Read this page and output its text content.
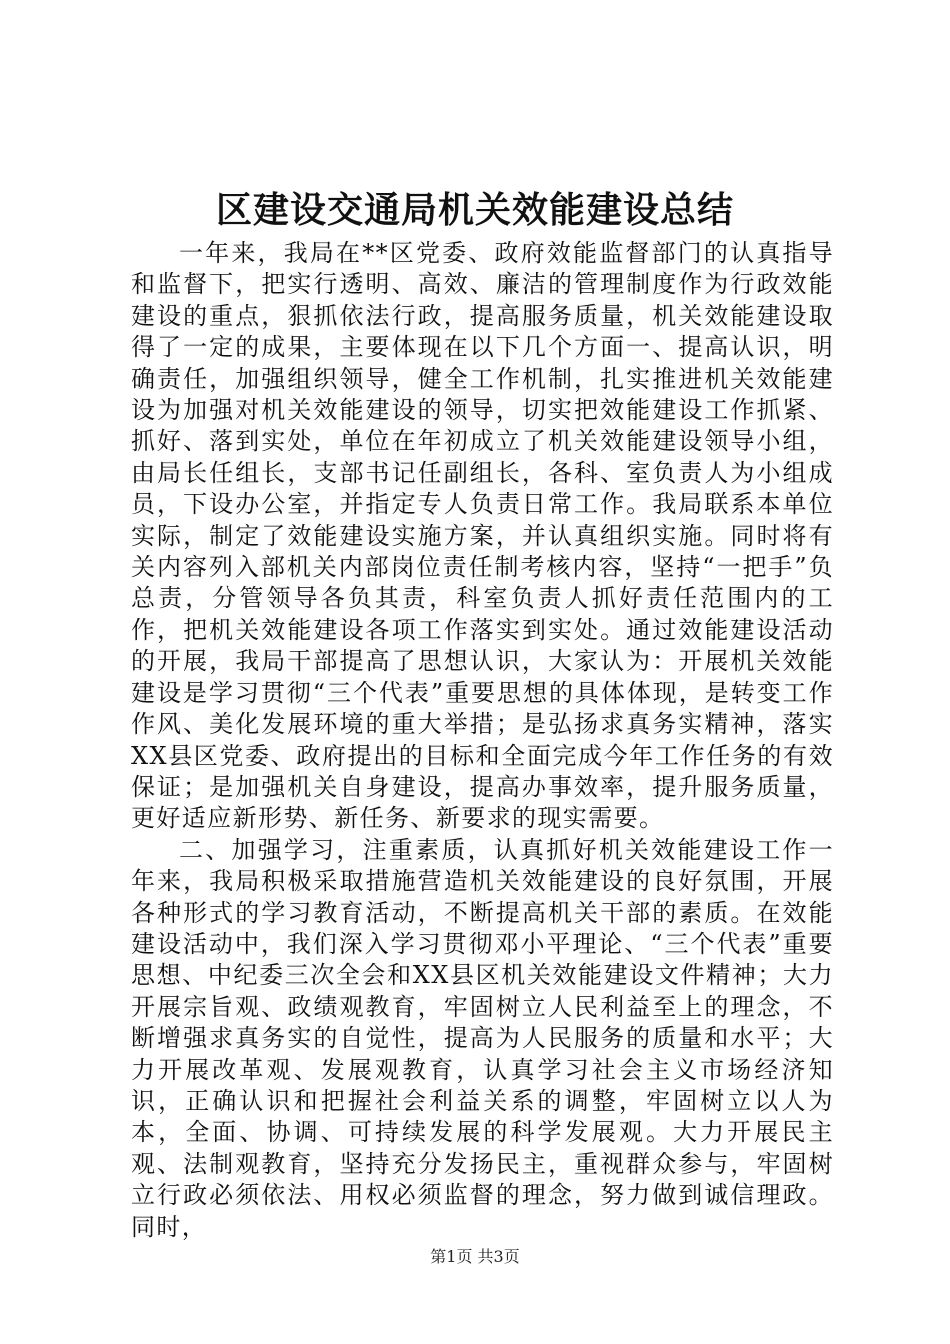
区建设交通局机关效能建设总结

一年来，我局在**区党委、政府效能监督部门的认真指导和监督下，把实行透明、高效、廉洁的管理制度作为行政效能建设的重点，狠抓依法行政，提高服务质量，机关效能建设取得了一定的成果，主要体现在以下几个方面一、提高认识，明确责任，加强组织领导，健全工作机制，扎实推进机关效能建设为加强对机关效能建设的领导，切实把效能建设工作抓紧、抓好、落到实处，单位在年初成立了机关效能建设领导小组，由局长任组长，支部书记任副组长，各科、室负责人为小组成员，下设办公室，并指定专人负责日常工作。我局联系本单位实际，制定了效能建设实施方案，并认真组织实施。同时将有关内容列入部机关内部岗位责任制考核内容，坚持“一把手”负总责，分管领导各负其责，科室负责人抓好责任范围内的工作，把机关效能建设各项工作落实到实处。通过效能建设活动的开展，我局干部提高了思想认识，大家认为：开展机关效能建设是学习贯彻“三个代表”重要思想的具体体现，是转变工作作风、美化发展环境的重大举措；是弘扬求真务实精神，落实XX县区党委、政府提出的目标和全面完成今年工作任务的有效保证；是加强机关自身建设，提高办事效率，提升服务质量，更好适应新形势、新任务、新要求的现实需要。

二、加强学习，注重素质，认真抓好机关效能建设工作一年来，我局积极采取措施营造机关效能建设的良好氛围，开展各种形式的学习教育活动，不断提高机关干部的素质。在效能建设活动中，我们深入学习贯彻邓小平理论、“三个代表”重要思想、中纪委三次全会和XX县区机关效能建设文件精神；大力开展宗旨观、政绩观教育，牢固树立人民利益至上的理念，不断增强求真务实的自觉性，提高为人民服务的质量和水平；大力开展改革观、发展观教育，认真学习社会主义市场经济知识，正确认识和把握社会利益关系的调整，牢固树立以人为本，全面、协调、可持续发展的科学发展观。大力开展民主观、法制观教育，坚持充分发扬民主，重视群众参与，牢固树立行政必须依法、用权必须监督的理念，努力做到诚信理政。同时，

第1页 共3页
